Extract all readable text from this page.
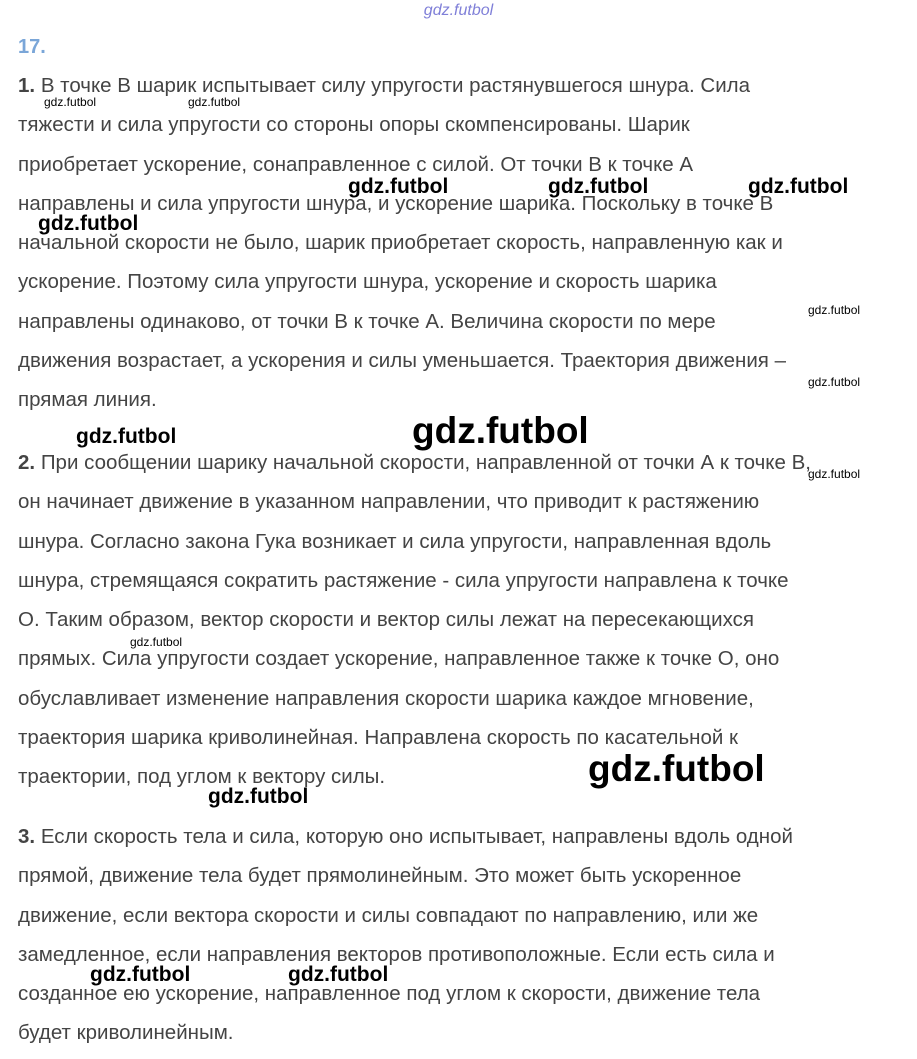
gdz.futbol
17.
1. В точке В шарик испытывает силу упругости растянувшегося шнура. Сила
тяжести и сила упругости со стороны опоры скомпенсированы. Шарик
приобретает ускорение, сонаправленное с силой. От точки В к точке А
направлены и сила упругости шнура, и ускорение шарика. Поскольку в точке В
начальной скорости не было, шарик приобретает скорость, направленную как и
ускорение. Поэтому сила упругости шнура, ускорение и скорость шарика
направлены одинаково, от точки В к точке А. Величина скорости по мере
движения возрастает, а ускорения и силы уменьшается. Траектория движения –
прямая линия.
2. При сообщении шарику начальной скорости, направленной от точки А к точке В,
он начинает движение в указанном направлении, что приводит к растяжению
шнура. Согласно закона Гука возникает и сила упругости, направленная вдоль
шнура, стремящаяся сократить растяжение - сила упругости направлена к точке
О. Таким образом, вектор скорости и вектор силы лежат на пересекающихся
прямых. Сила упругости создает ускорение, направленное также к точке О, оно
обуславливает изменение направления скорости шарика каждое мгновение,
траектория шарика криволинейная. Направлена скорость по касательной к
траектории, под углом к вектору силы.
3. Если скорость тела и сила, которую оно испытывает, направлены вдоль одной
прямой, движение тела будет прямолинейным. Это может быть ускоренное
движение, если вектора скорости и силы совпадают по направлению, или же
замедленное, если направления векторов противоположные. Если есть сила и
созданное ею ускорение, направленное под углом к скорости, движение тела
будет криволинейным.
gdz.futbol	gdz.futbol
gdz.futbol	gdz.futbol	gdz.futbol
gdz.futbol
gdz.futbol
gdz.futbol
gdz.futbol	gdz.futbol
gdz.futbol
gdz.futbol
gdz.futbol
gdz.futbol
gdz.futbol	gdz.futbol
